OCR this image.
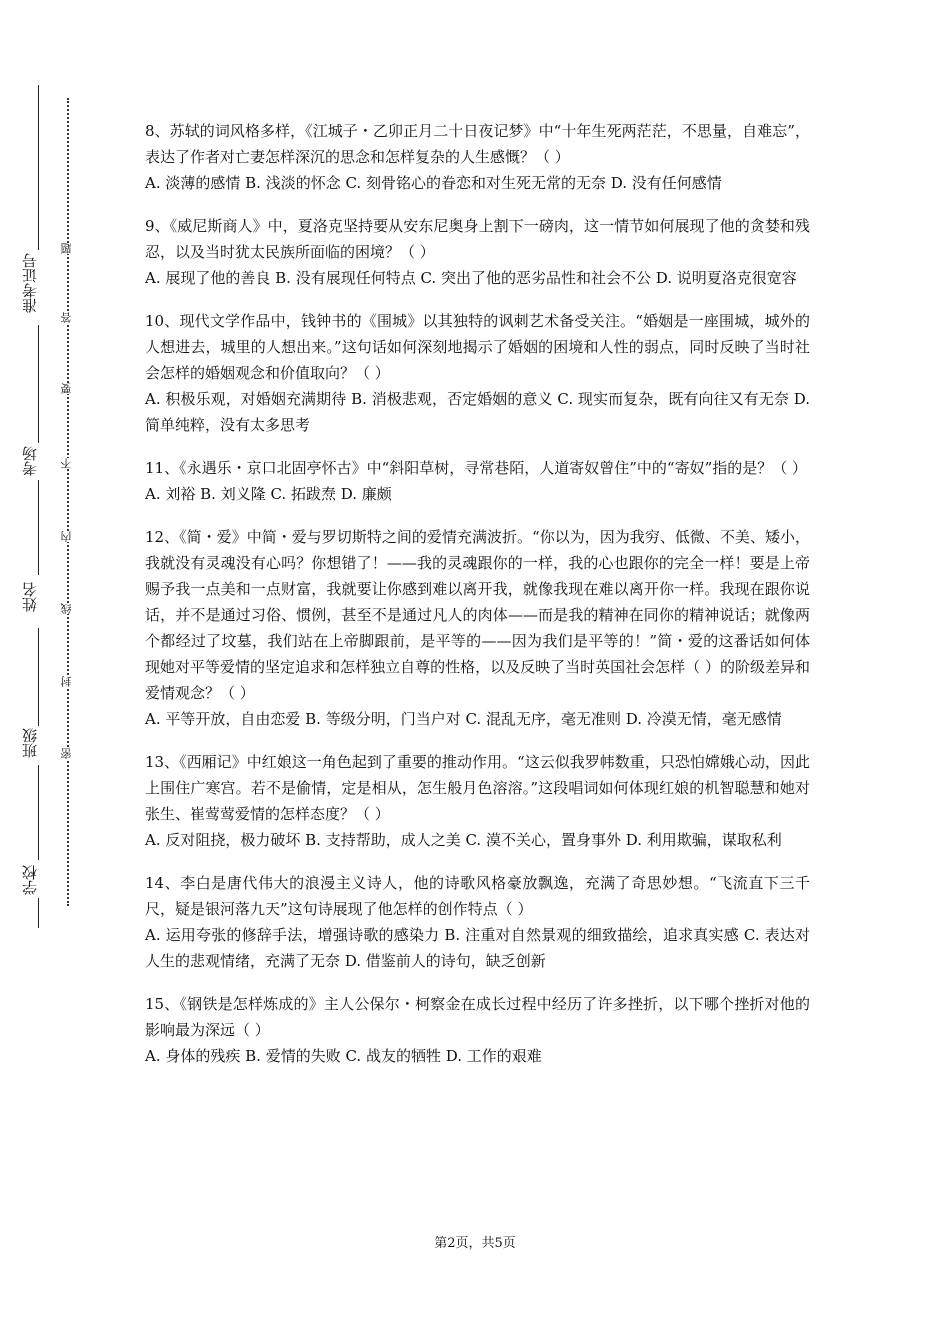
准考证号
考场
姓名
班级
学校
题
答
要
不
内
线
封
密

8、苏轼的词风格多样，《江城子・乙卯正月二十日夜记梦》中“十年生死两茫茫，不思量，自难忘”，表达了作者对亡妻怎样深沉的思念和怎样复杂的人生感慨？（ ）

A. 淡薄的感情 B. 浅淡的怀念 C. 刻骨铭心的眷恋和对生死无常的无奈 D. 没有任何感情

9、《威尼斯商人》中，夏洛克坚持要从安东尼奥身上割下一磅肉，这一情节如何展现了他的贪婪和残忍，以及当时犹太民族所面临的困境？（ ）

A. 展现了他的善良 B. 没有展现任何特点 C. 突出了他的恶劣品性和社会不公 D. 说明夏洛克很宽容

10、现代文学作品中，钱钟书的《围城》以其独特的讽刺艺术备受关注。“婚姻是一座围城，城外的人想进去，城里的人想出来。”这句话如何深刻地揭示了婚姻的困境和人性的弱点，同时反映了当时社会怎样的婚姻观念和价值取向？（ ）

A. 积极乐观，对婚姻充满期待 B. 消极悲观，否定婚姻的意义 C. 现实而复杂，既有向往又有无奈 D. 简单纯粹，没有太多思考

11、《永遇乐・京口北固亭怀古》中“斜阳草树，寻常巷陌，人道寄奴曾住”中的“寄奴”指的是？（ ）

A. 刘裕 B. 刘义隆 C. 拓跋焘 D. 廉颇

12、《简・爱》中简・爱与罗切斯特之间的爱情充满波折。“你以为，因为我穷、低微、不美、矮小，我就没有灵魂没有心吗？你想错了！——我的灵魂跟你的一样，我的心也跟你的完全一样！要是上帝赐予我一点美和一点财富，我就要让你感到难以离开我，就像我现在难以离开你一样。我现在跟你说话，并不是通过习俗、惯例，甚至不是通过凡人的肉体——而是我的精神在同你的精神说话；就像两个都经过了坟墓，我们站在上帝脚跟前，是平等的——因为我们是平等的！”简・爱的这番话如何体现她对平等爱情的坚定追求和怎样独立自尊的性格，以及反映了当时英国社会怎样（ ）的阶级差异和爱情观念？（ ）

A. 平等开放，自由恋爱 B. 等级分明，门当户对 C. 混乱无序，毫无准则 D. 冷漠无情，毫无感情

13、《西厢记》中红娘这一角色起到了重要的推动作用。“这云似我罗帏数重，只恐怕嫦娥心动，因此上围住广寒宫。若不是偷情，定是相从，怎生般月色溶溶。”这段唱词如何体现红娘的机智聪慧和她对张生、崔莺莺爱情的怎样态度？（ ）

A. 反对阻挠，极力破坏 B. 支持帮助，成人之美 C. 漠不关心，置身事外 D. 利用欺骗，谋取私利

14、李白是唐代伟大的浪漫主义诗人，他的诗歌风格豪放飘逸，充满了奇思妙想。“飞流直下三千尺，疑是银河落九天”这句诗展现了他怎样的创作特点（ ）

A. 运用夸张的修辞手法，增强诗歌的感染力 B. 注重对自然景观的细致描绘，追求真实感 C. 表达对人生的悲观情绪，充满了无奈 D. 借鉴前人的诗句，缺乏创新

15、《钢铁是怎样炼成的》主人公保尔・柯察金在成长过程中经历了许多挫折，以下哪个挫折对他的影响最为深远（ ）

A. 身体的残疾 B. 爱情的失败 C. 战友的牺牲 D. 工作的艰难

第2页，共5页
